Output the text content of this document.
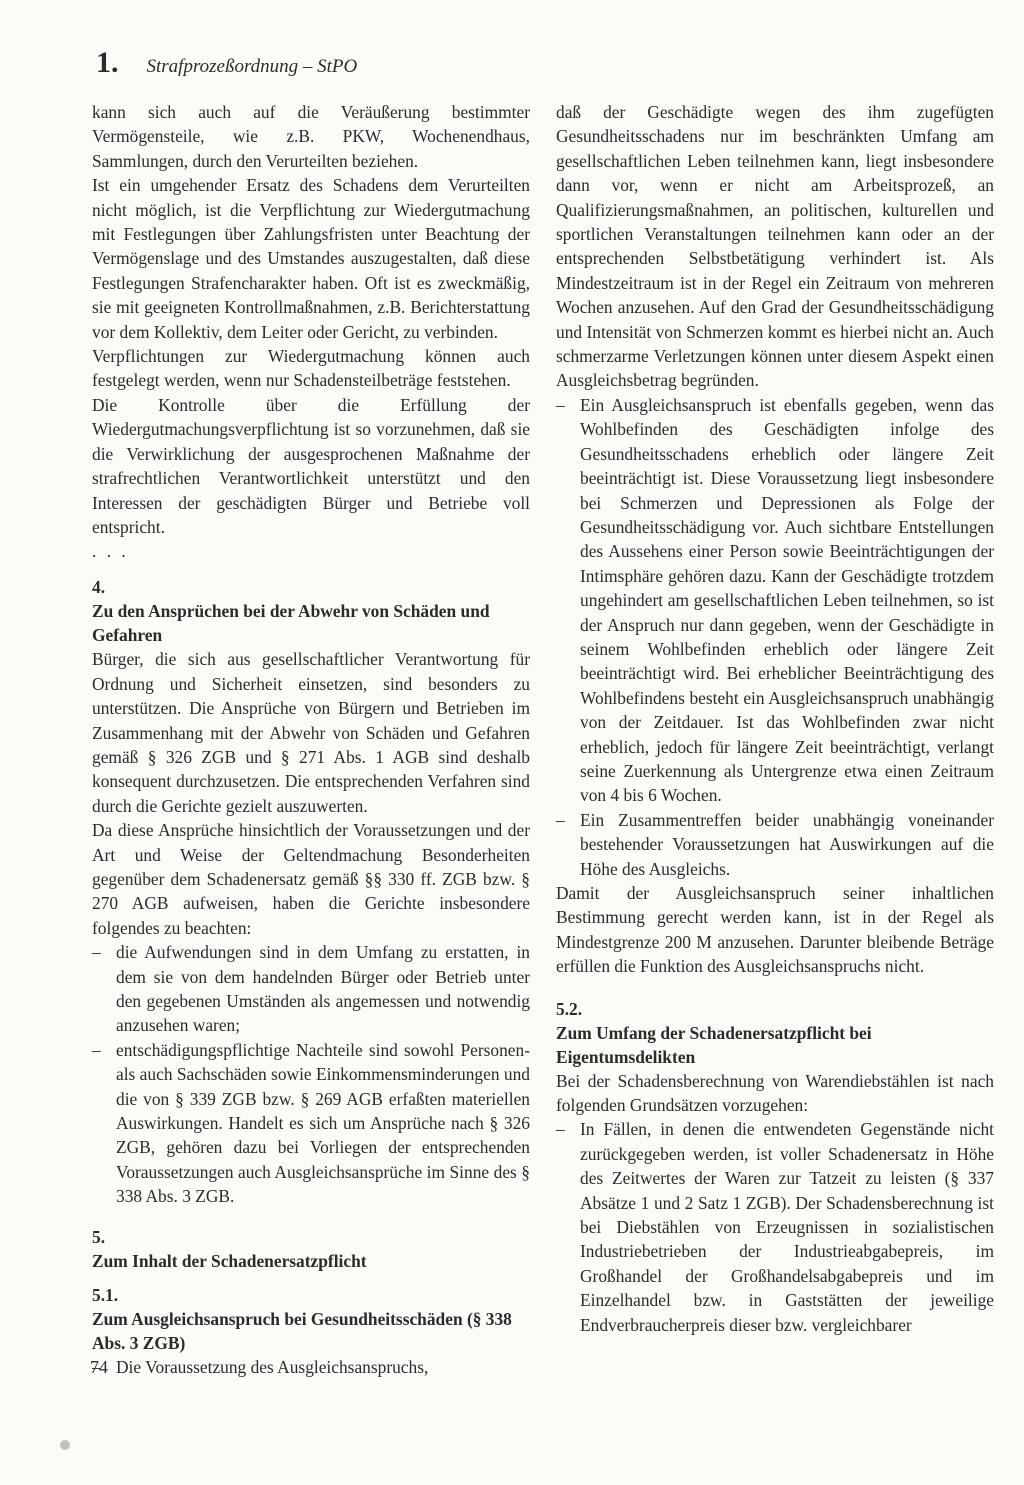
1. Strafprozeßordnung – StPO

kann sich auch auf die Veräußerung bestimmter Vermögensteile, wie z.B. PKW, Wochenendhaus, Sammlungen, durch den Verurteilten beziehen.

Ist ein umgehender Ersatz des Schadens dem Verurteilten nicht möglich, ist die Verpflichtung zur Wiedergutmachung mit Festlegungen über Zahlungsfristen unter Beachtung der Vermögenslage und des Umstandes auszugestalten, daß diese Festlegungen Strafencharakter haben. Oft ist es zweckmäßig, sie mit geeigneten Kontrollmaßnahmen, z.B. Berichterstattung vor dem Kollektiv, dem Leiter oder Gericht, zu verbinden.

Verpflichtungen zur Wiedergutmachung können auch festgelegt werden, wenn nur Schadensteilbeträge feststehen.

Die Kontrolle über die Erfüllung der Wiedergutmachungsverpflichtung ist so vorzunehmen, daß sie die Verwirklichung der ausgesprochenen Maßnahme der strafrechtlichen Verantwortlichkeit unterstützt und den Interessen der geschädigten Bürger und Betriebe voll entspricht.

. . .

4.
Zu den Ansprüchen bei der Abwehr von Schäden und Gefahren

Bürger, die sich aus gesellschaftlicher Verantwortung für Ordnung und Sicherheit einsetzen, sind besonders zu unterstützen. Die Ansprüche von Bürgern und Betrieben im Zusammenhang mit der Abwehr von Schäden und Gefahren gemäß § 326 ZGB und § 271 Abs. 1 AGB sind deshalb konsequent durchzusetzen. Die entsprechenden Verfahren sind durch die Gerichte gezielt auszuwerten.

Da diese Ansprüche hinsichtlich der Voraussetzungen und der Art und Weise der Geltendmachung Besonderheiten gegenüber dem Schadenersatz gemäß §§ 330 ff. ZGB bzw. § 270 AGB aufweisen, haben die Gerichte insbesondere folgendes zu beachten:

– die Aufwendungen sind in dem Umfang zu erstatten, in dem sie von dem handelnden Bürger oder Betrieb unter den gegebenen Umständen als angemessen und notwendig anzusehen waren;
– entschädigungspflichtige Nachteile sind sowohl Personen- als auch Sachschäden sowie Einkommensminderungen und die von § 339 ZGB bzw. § 269 AGB erfaßten materiellen Auswirkungen. Handelt es sich um Ansprüche nach § 326 ZGB, gehören dazu bei Vorliegen der entsprechenden Voraussetzungen auch Ausgleichsansprüche im Sinne des § 338 Abs. 3 ZGB.
5.
Zum Inhalt der Schadenersatzpflicht
5.1.
Zum Ausgleichsanspruch bei Gesundheitsschäden (§ 338 Abs. 3 ZGB)
– Die Voraussetzung des Ausgleichsanspruchs,

daß der Geschädigte wegen des ihm zugefügten Gesundheitsschadens nur im beschränkten Umfang am gesellschaftlichen Leben teilnehmen kann, liegt insbesondere dann vor, wenn er nicht am Arbeitsprozeß, an Qualifizierungsmaßnahmen, an politischen, kulturellen und sportlichen Veranstaltungen teilnehmen kann oder an der entsprechenden Selbstbetätigung verhindert ist. Als Mindestzeitraum ist in der Regel ein Zeitraum von mehreren Wochen anzusehen. Auf den Grad der Gesundheitsschädigung und Intensität von Schmerzen kommt es hierbei nicht an. Auch schmerzarme Verletzungen können unter diesem Aspekt einen Ausgleichsbetrag begründen.

– Ein Ausgleichsanspruch ist ebenfalls gegeben, wenn das Wohlbefinden des Geschädigten infolge des Gesundheitsschadens erheblich oder längere Zeit beeinträchtigt ist. Diese Voraussetzung liegt insbesondere bei Schmerzen und Depressionen als Folge der Gesundheitsschädigung vor. Auch sichtbare Entstellungen des Aussehens einer Person sowie Beeinträchtigungen der Intimsphäre gehören dazu. Kann der Geschädigte trotzdem ungehindert am gesellschaftlichen Leben teilnehmen, so ist der Anspruch nur dann gegeben, wenn der Geschädigte in seinem Wohlbefinden erheblich oder längere Zeit beeinträchtigt wird. Bei erheblicher Beeinträchtigung des Wohlbefindens besteht ein Ausgleichsanspruch unabhängig von der Zeitdauer. Ist das Wohlbefinden zwar nicht erheblich, jedoch für längere Zeit beeinträchtigt, verlangt seine Zuerkennung als Untergrenze etwa einen Zeitraum von 4 bis 6 Wochen.
– Ein Zusammentreffen beider unabhängig voneinander bestehender Voraussetzungen hat Auswirkungen auf die Höhe des Ausgleichs.

Damit der Ausgleichsanspruch seiner inhaltlichen Bestimmung gerecht werden kann, ist in der Regel als Mindestgrenze 200 M anzusehen. Darunter bleibende Beträge erfüllen die Funktion des Ausgleichsanspruchs nicht.

5.2.
Zum Umfang der Schadenersatzpflicht bei Eigentumsdelikten

Bei der Schadensberechnung von Warendiebstählen ist nach folgenden Grundsätzen vorzugehen:

– In Fällen, in denen die entwendeten Gegenstände nicht zurückgegeben werden, ist voller Schadenersatz in Höhe des Zeitwertes der Waren zur Tatzeit zu leisten (§ 337 Absätze 1 und 2 Satz 1 ZGB). Der Schadensberechnung ist bei Diebstählen von Erzeugnissen in sozialistischen Industriebetrieben der Industrieabgabepreis, im Großhandel der Großhandelsabgabepreis und im Einzelhandel bzw. in Gaststätten der jeweilige Endverbraucherpreis dieser bzw. vergleichbarer
74
